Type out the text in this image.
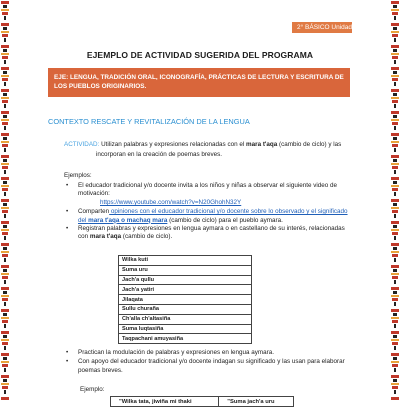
2° BÁSICO Unidad 2
EJEMPLO DE ACTIVIDAD SUGERIDA DEL PROGRAMA
EJE: LENGUA, TRADICIÓN ORAL, ICONOGRAFÍA, PRÁCTICAS DE LECTURA Y ESCRITURA DE LOS PUEBLOS ORIGINARIOS.
CONTEXTO RESCATE Y REVITALIZACIÓN DE LA LENGUA
ACTIVIDAD: Utilizan palabras y expresiones relacionadas con el mara t'aqa (cambio de ciclo) y las
incorporan en la creación de poemas breves.
Ejemplos:
• El educador tradicional y/o docente invita a los niños y niñas a observar el siguiente video de motivación:
https://www.youtube.com/watch?v=N20GhohN32Y
• Comparten opiniones con el educador tradicional y/o docente sobre lo observado y el significado del mara t'aqa o machaq mara (cambio de ciclo) para el pueblo aymara.
• Registran palabras y expresiones en lengua aymara o en castellano de su interés, relacionadas con mara t'aqa (cambio de ciclo).
Wilka kuti
Suma uru
Jach'a qullu
Jach'a yatiri
Jilaqata
Sullu churaña
Ch'alla ch'altasiña
Suma luqtasiña
Taqpachani amuyasiña
• Practican la modulación de palabras y expresiones en lengua aymara.
• Con apoyo del educador tradicional y/o docente indagan su significado y las usan para elaborar poemas breves.
Ejemplo:
"Wilka tata, jiwiña mi thaki	"Suma jach'a uru
